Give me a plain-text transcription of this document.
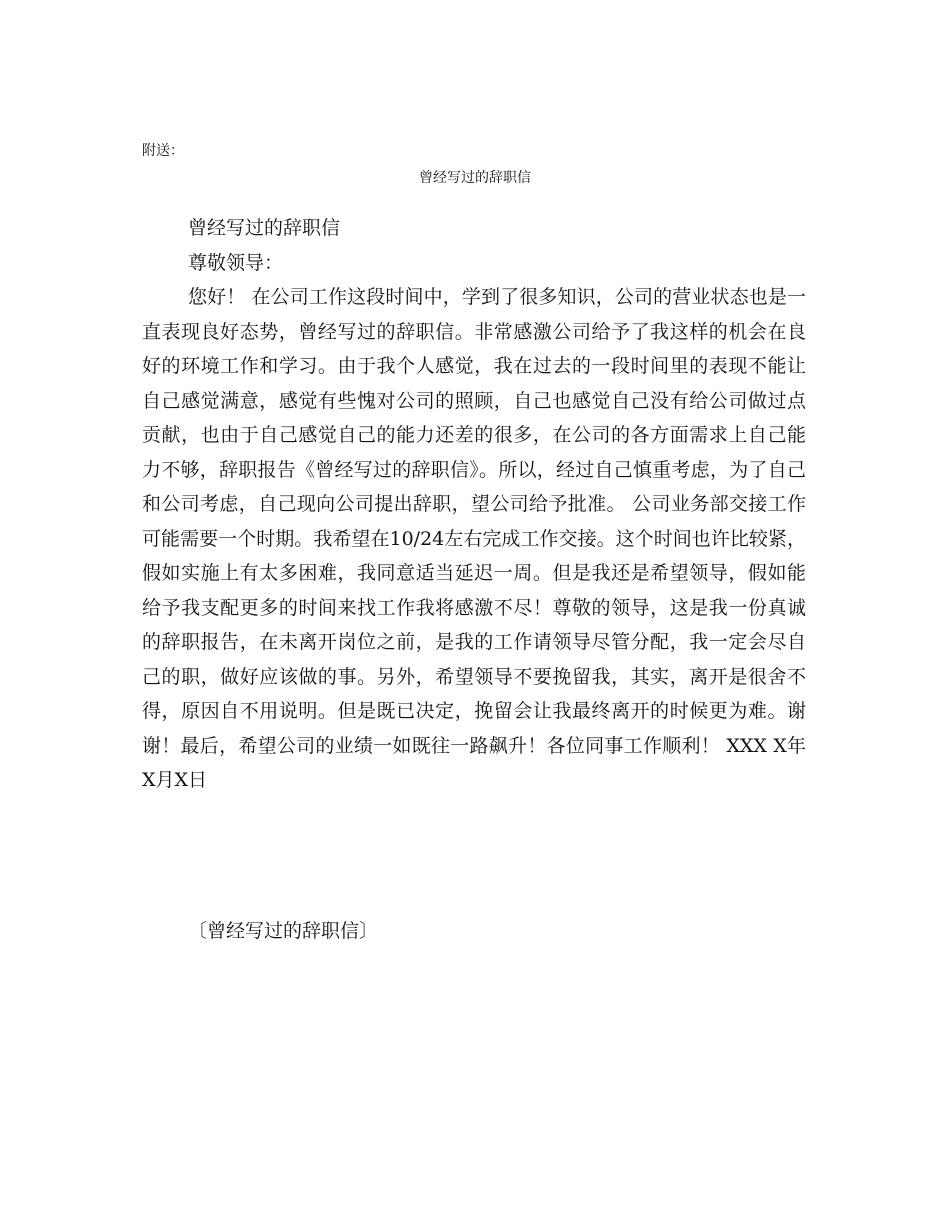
附送：
曾经写过的辞职信

曾经写过的辞职信

尊敬领导：

您好！ 在公司工作这段时间中，学到了很多知识，公司的营业状态也是一直表现良好态势，曾经写过的辞职信。非常感激公司给予了我这样的机会在良好的环境工作和学习。由于我个人感觉，我在过去的一段时间里的表现不能让自己感觉满意，感觉有些愧对公司的照顾，自己也感觉自己没有给公司做过点贡献，也由于自己感觉自己的能力还差的很多，在公司的各方面需求上自己能力不够，辞职报告《曾经写过的辞职信》。所以，经过自己慎重考虑，为了自己和公司考虑，自己现向公司提出辞职，望公司给予批准。 公司业务部交接工作可能需要一个时期。我希望在10/24左右完成工作交接。这个时间也许比较紧，假如实施上有太多困难，我同意适当延迟一周。但是我还是希望领导，假如能给予我支配更多的时间来找工作我将感激不尽！尊敬的领导，这是我一份真诚的辞职报告，在未离开岗位之前，是我的工作请领导尽管分配，我一定会尽自己的职，做好应该做的事。另外，希望领导不要挽留我，其实，离开是很舍不得，原因自不用说明。但是既已决定，挽留会让我最终离开的时候更为难。谢谢！最后，希望公司的业绩一如既往一路飙升！各位同事工作顺利！ XXX X年X月X日

〔曾经写过的辞职信〕
